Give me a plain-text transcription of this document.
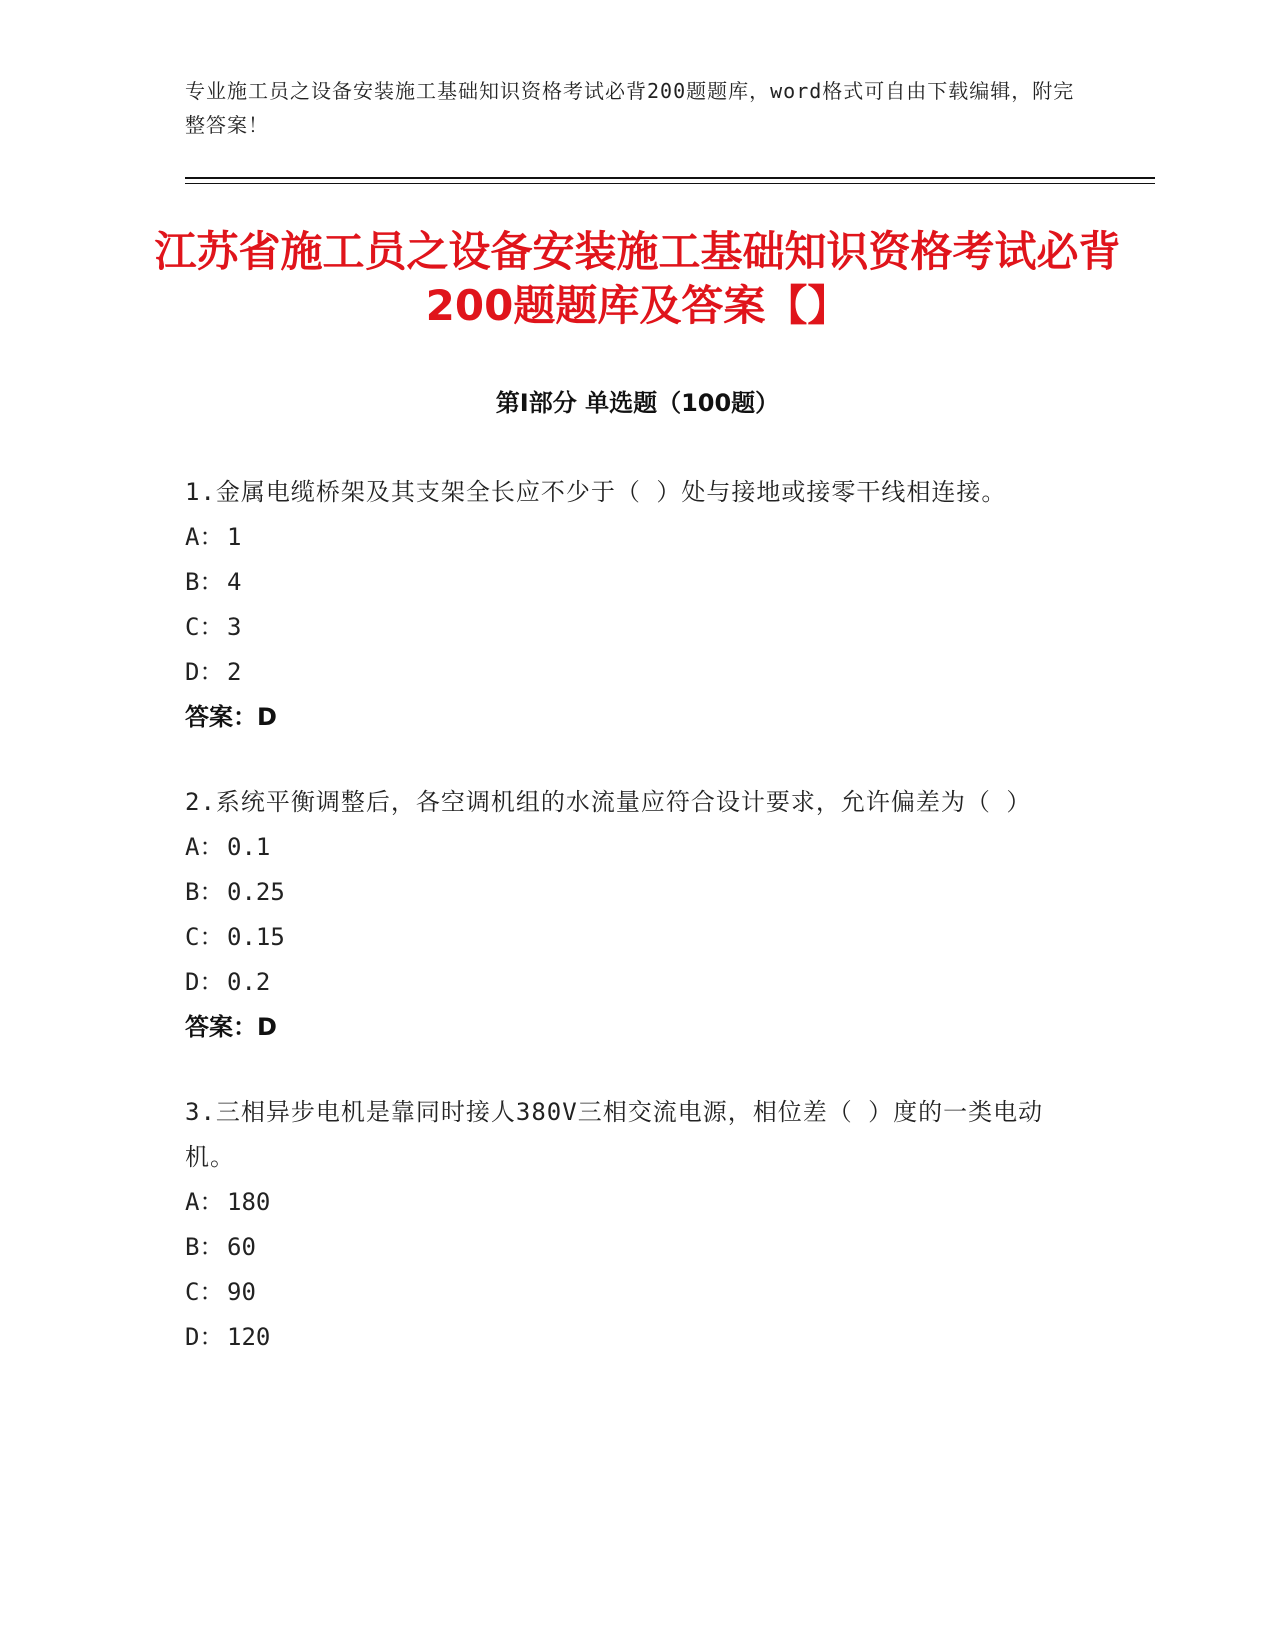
专业施工员之设备安装施工基础知识资格考试必背200题题库，word格式可自由下载编辑，附完整答案！
江苏省施工员之设备安装施工基础知识资格考试必背200题题库及答案【】
第Ⅰ部分 单选题（100题）

1.金属电缆桥架及其支架全长应不少于（ ）处与接地或接零干线相连接。

A： 1

B： 4

C： 3

D： 2

答案：D

2.系统平衡调整后，各空调机组的水流量应符合设计要求，允许偏差为（ ）

A： 0.1

B： 0.25

C： 0.15

D： 0.2

答案：D

3.三相异步电机是靠同时接人380V三相交流电源，相位差（ ）度的一类电动机。

A： 180

B： 60

C： 90

D： 120
